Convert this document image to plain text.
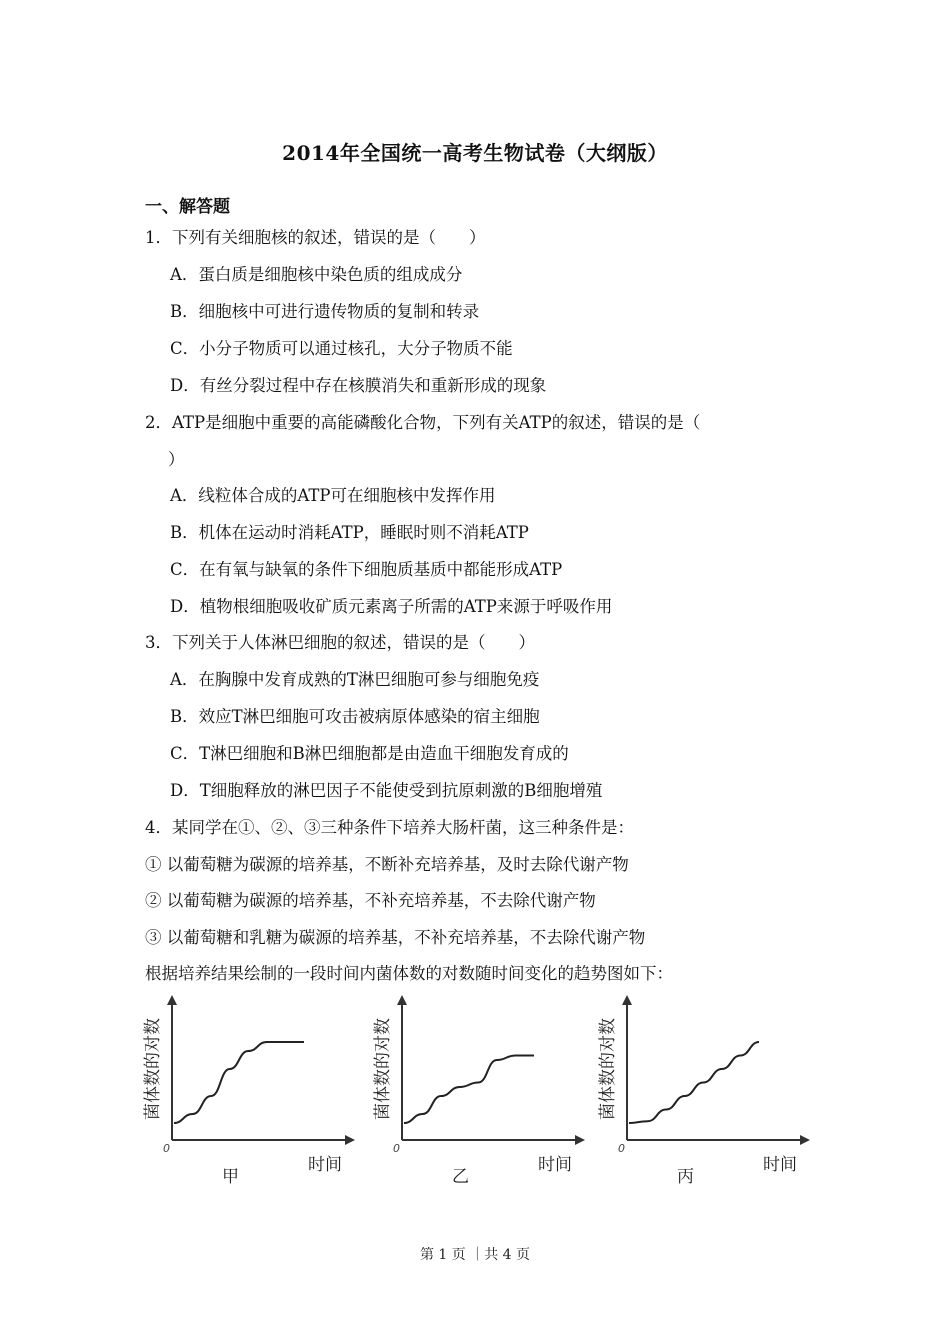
2014年全国统一高考生物试卷（大纲版）
一、解答题
1．下列有关细胞核的叙述，错误的是（　　）
A．蛋白质是细胞核中染色质的组成成分
B．细胞核中可进行遗传物质的复制和转录
C．小分子物质可以通过核孔，大分子物质不能
D．有丝分裂过程中存在核膜消失和重新形成的现象
2．ATP是细胞中重要的高能磷酸化合物，下列有关ATP的叙述，错误的是（
）
A．线粒体合成的ATP可在细胞核中发挥作用
B．机体在运动时消耗ATP，睡眠时则不消耗ATP
C．在有氧与缺氧的条件下细胞质基质中都能形成ATP
D．植物根细胞吸收矿质元素离子所需的ATP来源于呼吸作用
3．下列关于人体淋巴细胞的叙述，错误的是（　　）
A．在胸腺中发育成熟的T淋巴细胞可参与细胞免疫
B．效应T淋巴细胞可攻击被病原体感染的宿主细胞
C．T淋巴细胞和B淋巴细胞都是由造血干细胞发育成的
D．T细胞释放的淋巴因子不能使受到抗原刺激的B细胞增殖
4．某同学在①、②、③三种条件下培养大肠杆菌，这三种条件是：
① 以葡萄糖为碳源的培养基，不断补充培养基，及时去除代谢产物
② 以葡萄糖为碳源的培养基，不补充培养基，不去除代谢产物
③ 以葡萄糖和乳糖为碳源的培养基，不补充培养基，不去除代谢产物
根据培养结果绘制的一段时间内菌体数的对数随时间变化的趋势图如下：
0
菌体数的对数
时间
甲
0
菌体数的对数
时间
乙
0
菌体数的对数
时间
丙
第 1 页 ｜共 4 页
